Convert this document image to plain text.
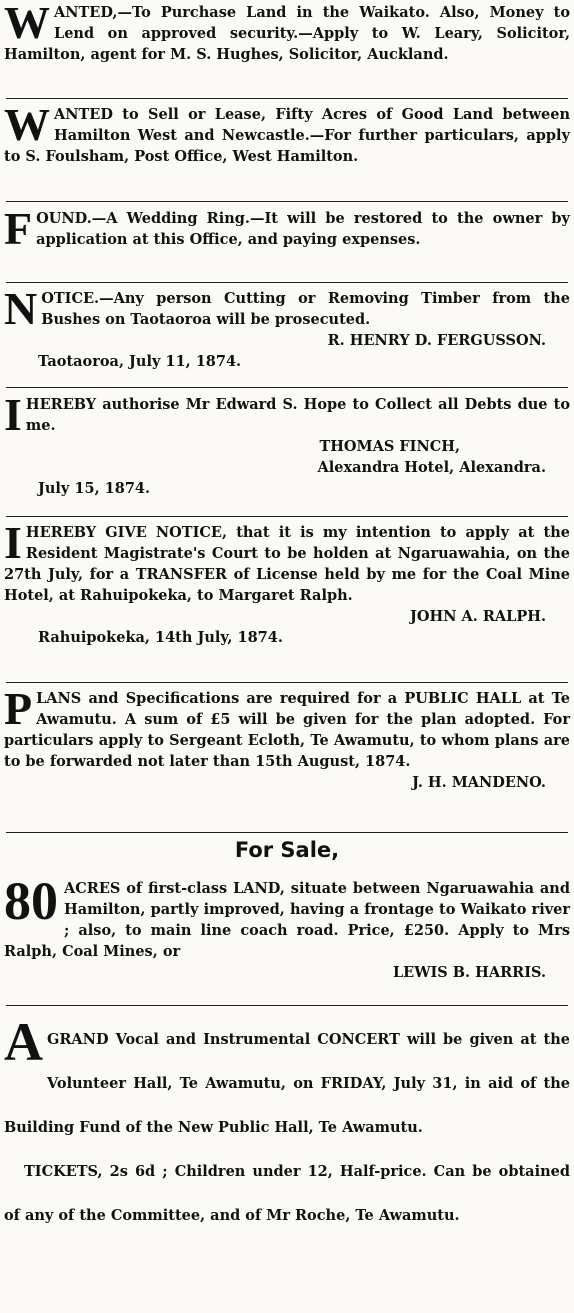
W ANTED,—To Purchase Land in the Waikato. Also, Money to Lend on approved security.—Apply to W. Leary, Solicitor, Hamilton, agent for M. S. Hughes, Solicitor, Auckland.
W ANTED to Sell or Lease, Fifty Acres of Good Land between Hamilton West and Newcastle.—For further particulars, apply to S. Foulsham, Post Office, West Hamilton.
F OUND.—A Wedding Ring.—It will be restored to the owner by application at this Office, and paying expenses.
N OTICE.—Any person Cutting or Removing Timber from the Bushes on Taotaoroa will be prosecuted.
R. HENRY D. FERGUSSON.
Taotaoroa, July 11, 1874.
I HEREBY authorise Mr Edward S. Hope to Collect all Debts due to me.
THOMAS FINCH,
Alexandra Hotel, Alexandra.
July 15, 1874.
I HEREBY GIVE NOTICE, that it is my intention to apply at the Resident Magistrate's Court to be holden at Ngaruawahia, on the 27th July, for a TRANSFER of License held by me for the Coal Mine Hotel, at Rahuipokeka, to Margaret Ralph.
JOHN A. RALPH.
Rahuipokeka, 14th July, 1874.
P LANS and Specifications are required for a PUBLIC HALL at Te Awamutu. A sum of £5 will be given for the plan adopted. For particulars apply to Sergeant Ecloth, Te Awamutu, to whom plans are to be forwarded not later than 15th August, 1874.
J. H. MANDENO.
For Sale,
80 ACRES of first-class LAND, situate between Ngaruawahia and Hamilton, partly improved, having a frontage to Waikato river ; also, to main line coach road. Price, £250. Apply to Mrs Ralph, Coal Mines, or
LEWIS B. HARRIS.
A GRAND Vocal and Instrumental CONCERT will be given at the Volunteer Hall, Te Awamutu, on FRIDAY, July 31, in aid of the Building Fund of the New Public Hall, Te Awamutu.
TICKETS, 2s 6d ; Children under 12, Half-price. Can be obtained of any of the Committee, and of Mr Roche, Te Awamutu.
